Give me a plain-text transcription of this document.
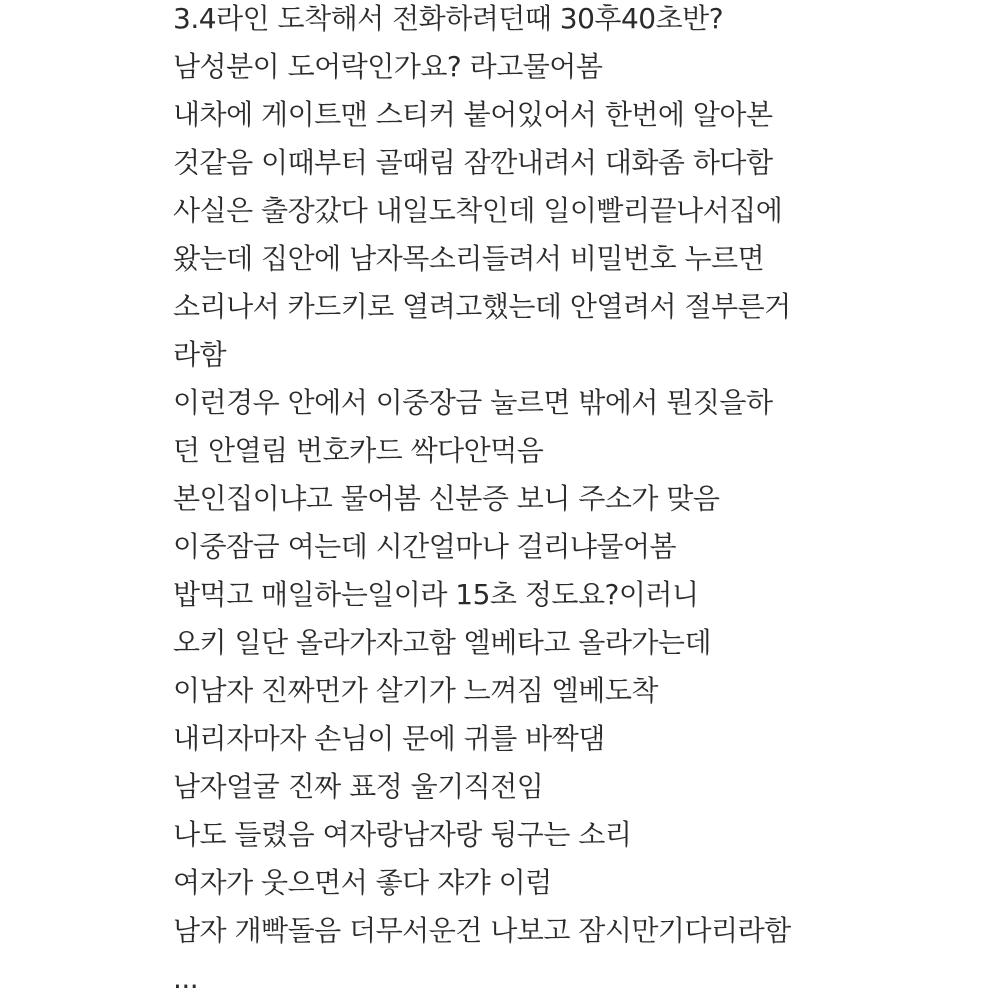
3.4라인 도착해서 전화하려던때 30후40초반?
남성분이 도어락인가요? 라고물어봄
내차에 게이트맨 스티커 붙어있어서 한번에 알아본
것같음 이때부터 골때림 잠깐내려서 대화좀 하다함
사실은 출장갔다 내일도착인데 일이빨리끝나서집에
왔는데 집안에 남자목소리들려서 비밀번호 누르면
소리나서 카드키로 열려고했는데 안열려서 절부른거
라함
이런경우 안에서 이중장금 눌르면 밖에서 뭔짓을하
던 안열림 번호카드 싹다안먹음
본인집이냐고 물어봄 신분증 보니 주소가 맞음
이중잠금 여는데 시간얼마나 걸리냐물어봄
밥먹고 매일하는일이라 15초 정도요?이러니
오키 일단 올라가자고함 엘베타고 올라가는데
이남자 진짜먼가 살기가 느껴짐 엘베도착
내리자마자 손님이 문에 귀를 바짝댐
남자얼굴 진짜 표정 울기직전임
나도 들렸음 여자랑남자랑 뒹구는 소리
여자가 웃으면서 좋다 쟈갸 이럼
남자 개빡돌음 더무서운건 나보고 잠시만기다리라함
...
